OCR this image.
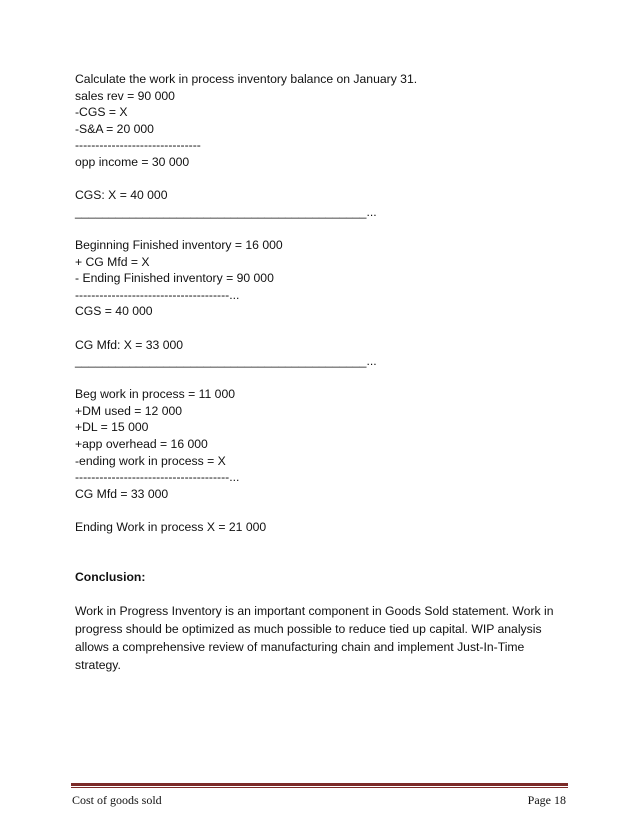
Calculate the work in process inventory balance on January 31.

sales rev = 90 000

-CGS = X

-S&A = 20 000

-------------------------------

opp income = 30 000

CGS: X = 40 000

___________________________________________...

Beginning Finished inventory = 16 000

+ CG Mfd = X

- Ending Finished inventory = 90 000

--------------------------------------...

CGS = 40 000

CG Mfd: X = 33 000

___________________________________________...

Beg work in process = 11 000

+DM used = 12 000

+DL = 15 000

+app overhead = 16 000

-ending work in process = X

--------------------------------------...

CG Mfd = 33 000

Ending Work in process X = 21 000

Conclusion:

Work in Progress Inventory is an important component in Goods Sold statement. Work in progress should be optimized as much possible to reduce tied up capital. WIP analysis allows a comprehensive review of manufacturing chain and implement Just-In-Time strategy.

Cost of goods sold	Page 18
